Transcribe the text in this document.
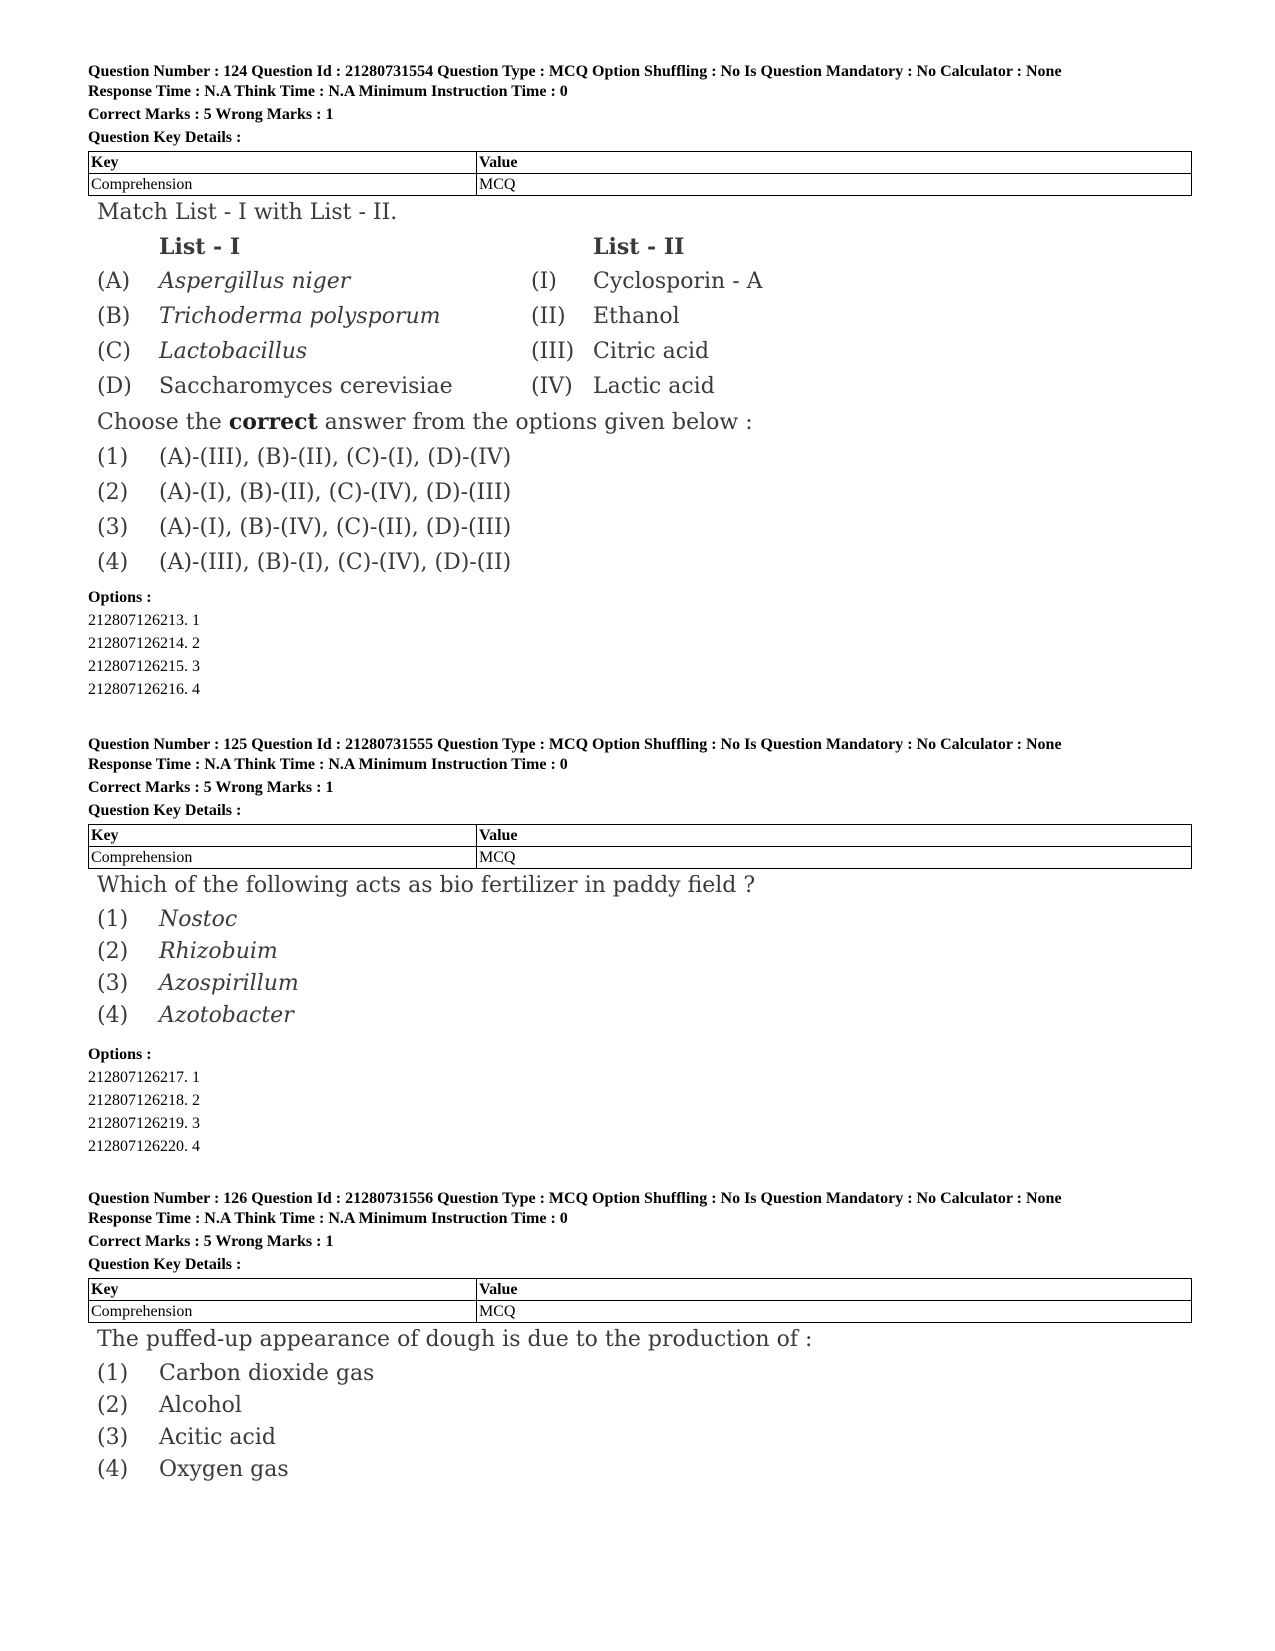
Question Number : 124 Question Id : 21280731554 Question Type : MCQ Option Shuffling : No Is Question Mandatory : No Calculator : None
Response Time : N.A Think Time : N.A Minimum Instruction Time : 0
Correct Marks : 5 Wrong Marks : 1
Question Key Details :
Key	Value
Comprehension	MCQ
Match List - I with List - II.
List - I	List - II
(A)	Aspergillus niger	(I)	Cyclosporin - A
(B)	Trichoderma polysporum	(II)	Ethanol
(C)	Lactobacillus	(III) Citric acid
(D)	Saccharomyces cerevisiae	(IV) Lactic acid
Choose the correct answer from the options given below :
(1)	(A)-(III), (B)-(II), (C)-(I), (D)-(IV)
(2)	(A)-(I), (B)-(II), (C)-(IV), (D)-(III)
(3)	(A)-(I), (B)-(IV), (C)-(II), (D)-(III)
(4)	(A)-(III), (B)-(I), (C)-(IV), (D)-(II)
Options :
212807126213. 1
212807126214. 2
212807126215. 3
212807126216. 4
Question Number : 125 Question Id : 21280731555 Question Type : MCQ Option Shuffling : No Is Question Mandatory : No Calculator : None
Response Time : N.A Think Time : N.A Minimum Instruction Time : 0
Correct Marks : 5 Wrong Marks : 1
Question Key Details :
Key	Value
Comprehension	MCQ
Which of the following acts as bio fertilizer in paddy field ?
(1)	Nostoc
(2)	Rhizobuim
(3)	Azospirillum
(4)	Azotobacter
Options :
212807126217. 1
212807126218. 2
212807126219. 3
212807126220. 4
Question Number : 126 Question Id : 21280731556 Question Type : MCQ Option Shuffling : No Is Question Mandatory : No Calculator : None
Response Time : N.A Think Time : N.A Minimum Instruction Time : 0
Correct Marks : 5 Wrong Marks : 1
Question Key Details :
Key	Value
Comprehension	MCQ
The puffed-up appearance of dough is due to the production of :
(1)	Carbon dioxide gas
(2)	Alcohol
(3)	Acitic acid
(4)	Oxygen gas
